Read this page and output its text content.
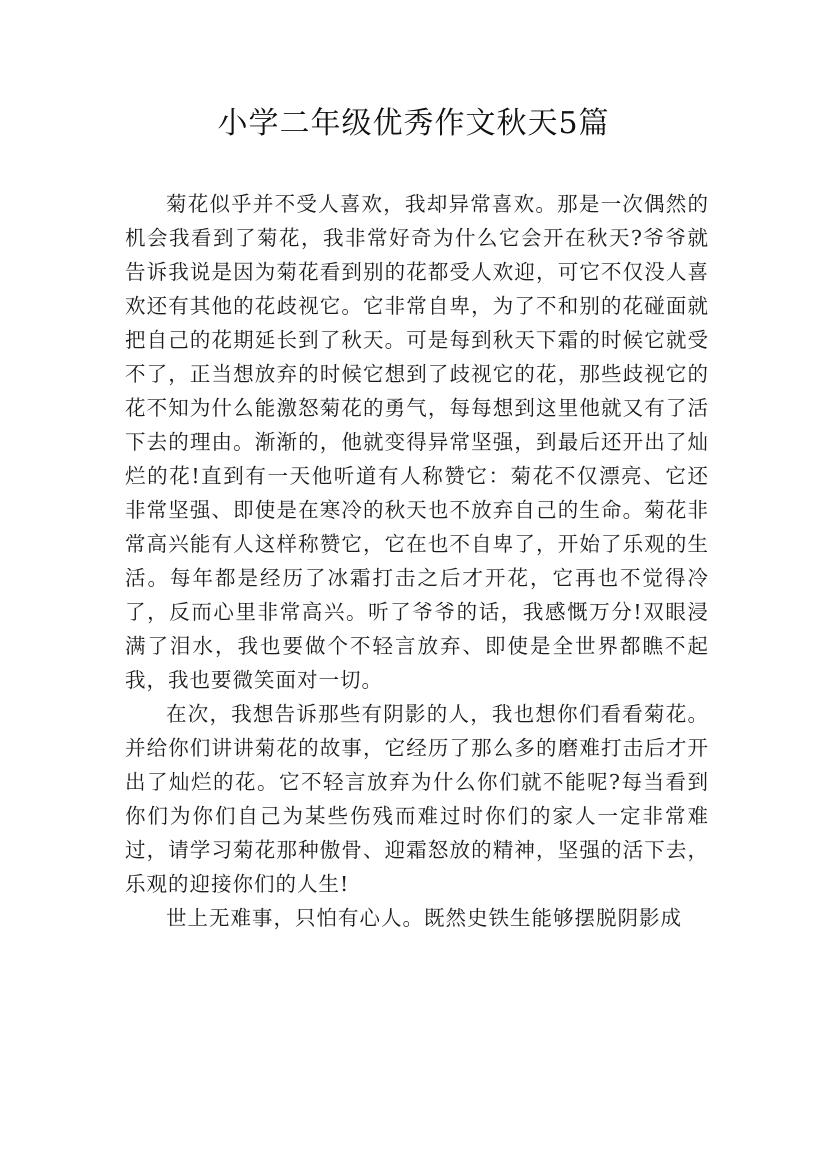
小学二年级优秀作文秋天5篇

菊花似乎并不受人喜欢，我却异常喜欢。那是一次偶然的机会我看到了菊花，我非常好奇为什么它会开在秋天?爷爷就告诉我说是因为菊花看到别的花都受人欢迎，可它不仅没人喜欢还有其他的花歧视它。它非常自卑，为了不和别的花碰面就把自己的花期延长到了秋天。可是每到秋天下霜的时候它就受不了，正当想放弃的时候它想到了歧视它的花，那些歧视它的花不知为什么能激怒菊花的勇气，每每想到这里他就又有了活下去的理由。渐渐的，他就变得异常坚强，到最后还开出了灿烂的花!直到有一天他听道有人称赞它：菊花不仅漂亮、它还非常坚强、即使是在寒冷的秋天也不放弃自己的生命。菊花非常高兴能有人这样称赞它，它在也不自卑了，开始了乐观的生活。每年都是经历了冰霜打击之后才开花，它再也不觉得冷了，反而心里非常高兴。听了爷爷的话，我感慨万分!双眼浸满了泪水，我也要做个不轻言放弃、即使是全世界都瞧不起我，我也要微笑面对一切。

在次，我想告诉那些有阴影的人，我也想你们看看菊花。并给你们讲讲菊花的故事，它经历了那么多的磨难打击后才开出了灿烂的花。它不轻言放弃为什么你们就不能呢?每当看到你们为你们自己为某些伤残而难过时你们的家人一定非常难过，请学习菊花那种傲骨、迎霜怒放的精神，坚强的活下去，乐观的迎接你们的人生!

世上无难事，只怕有心人。既然史铁生能够摆脱阴影成
